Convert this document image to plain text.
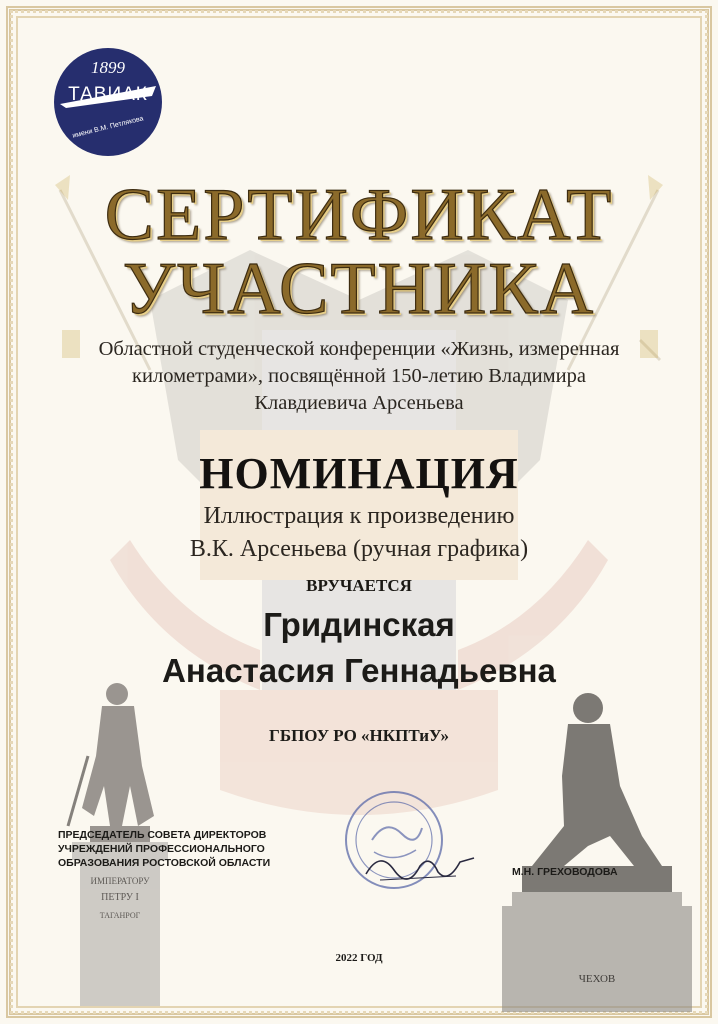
1899
ТАВИАК
имени В.М. Петлякова
СЕРТИФИКАТ
УЧАСТНИКА
Областной студенческой конференции «Жизнь, измеренная километрами», посвящённой 150-летию Владимира Клавдиевича Арсеньева
НОМИНАЦИЯ
Иллюстрация к произведению
В.К. Арсеньева (ручная графика)
ВРУЧАЕТСЯ
Гридинская
Анастасия Геннадьевна
ГБПОУ РО «НКПТиУ»
ИМПЕРАТОРУ
ПЕТРУ I
ТАГАНРОГ
ЧЕХОВ
ПРЕДСЕДАТЕЛЬ СОВЕТА ДИРЕКТОРОВ
УЧРЕЖДЕНИЙ ПРОФЕССИОНАЛЬНОГО
ОБРАЗОВАНИЯ РОСТОВСКОЙ ОБЛАСТИ
М.Н. ГРЕХОВОДОВА
2022 ГОД
